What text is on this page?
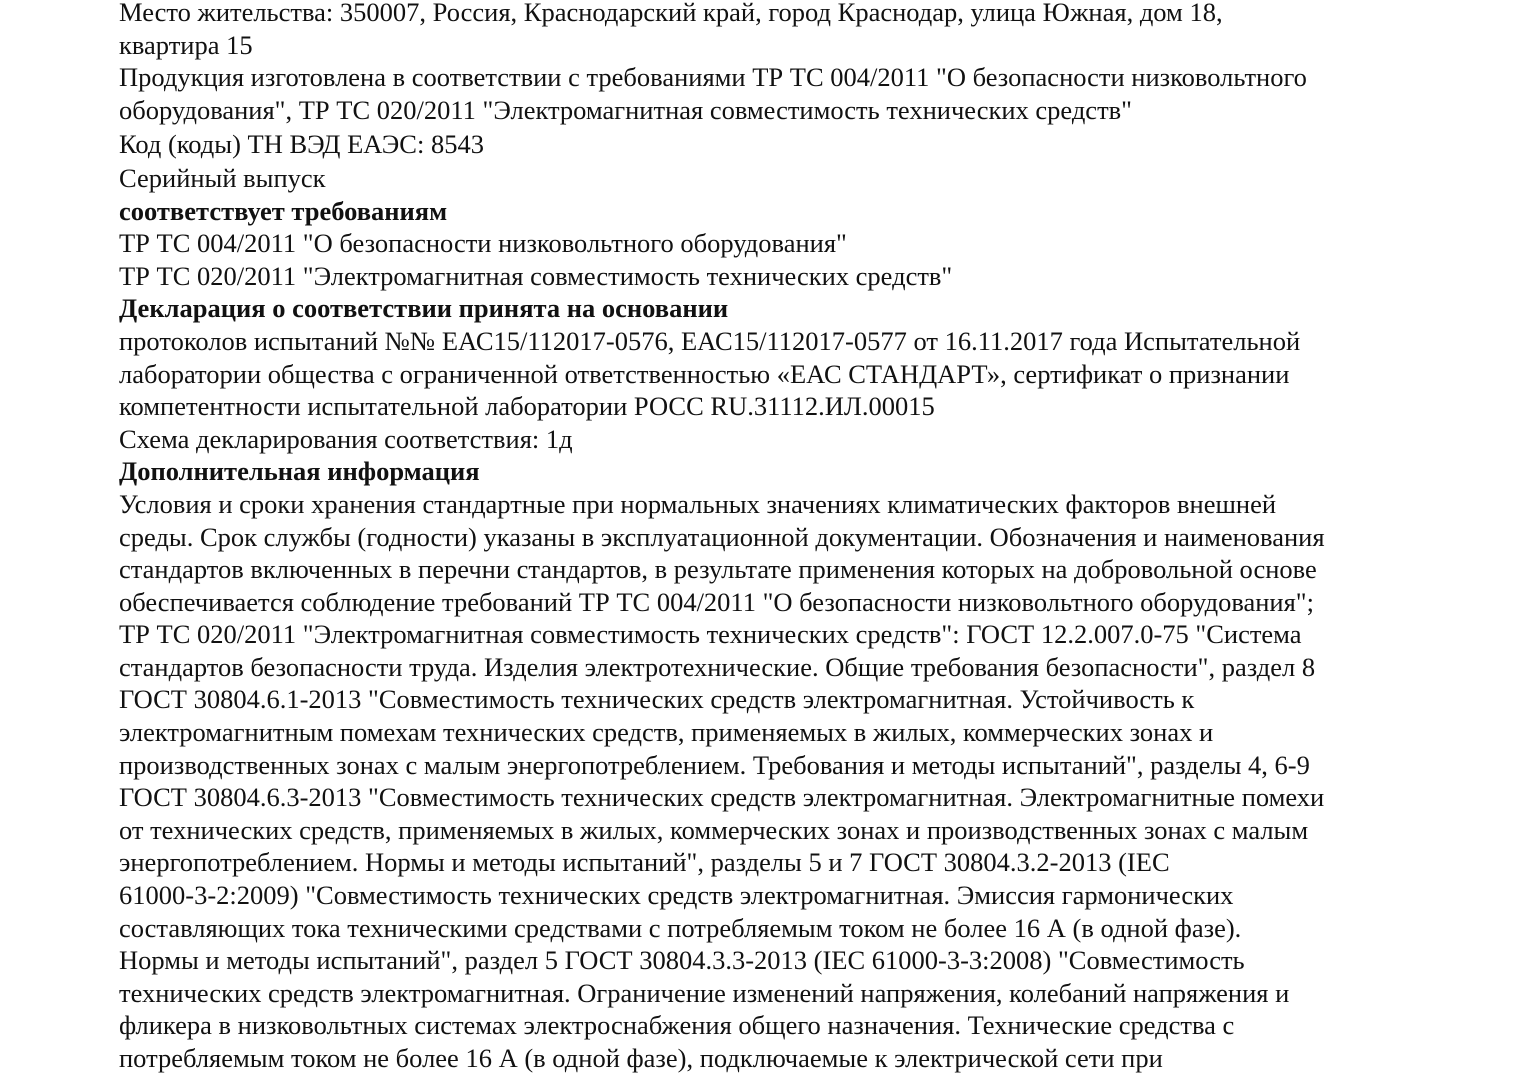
Место жительства: 350007, Россия, Краснодарский край, город Краснодар, улица Южная, дом 18,
квартира 15
Продукция изготовлена в соответствии с требованиями ТР ТС 004/2011 "О безопасности низковольтного
оборудования", ТР ТС 020/2011 "Электромагнитная совместимость технических средств"
Код (коды) ТН ВЭД ЕАЭС: 8543
Серийный выпуск
соответствует требованиям
ТР ТС 004/2011 "О безопасности низковольтного оборудования"
ТР ТС 020/2011 "Электромагнитная совместимость технических средств"
Декларация о соответствии принята на основании
протоколов испытаний №№ ЕАС15/112017-0576, ЕАС15/112017-0577 от 16.11.2017 года Испытательной
лаборатории общества с ограниченной ответственностью «ЕАС СТАНДАРТ», сертификат о признании
компетентности испытательной лаборатории РОСС RU.31112.ИЛ.00015
Схема декларирования соответствия: 1д
Дополнительная информация
Условия и сроки хранения стандартные при нормальных значениях климатических факторов внешней
среды. Срок службы (годности) указаны в эксплуатационной документации. Обозначения и наименования
стандартов включенных в перечни стандартов, в результате применения которых на добровольной основе
обеспечивается соблюдение требований ТР ТС 004/2011 "О безопасности низковольтного оборудования";
ТР ТС 020/2011 "Электромагнитная совместимость технических средств": ГОСТ 12.2.007.0-75 "Система
стандартов безопасности труда. Изделия электротехнические. Общие требования безопасности", раздел 8
ГОСТ 30804.6.1-2013 "Совместимость технических средств электромагнитная. Устойчивость к
электромагнитным помехам технических средств, применяемых в жилых, коммерческих зонах и
производственных зонах с малым энергопотреблением. Требования и методы испытаний", разделы 4, 6-9
ГОСТ 30804.6.3-2013 "Совместимость технических средств электромагнитная. Электромагнитные помехи
от технических средств, применяемых в жилых, коммерческих зонах и производственных зонах с малым
энергопотреблением. Нормы и методы испытаний", разделы 5 и 7 ГОСТ 30804.3.2-2013 (IEC
61000-3-2:2009) "Совместимость технических средств электромагнитная. Эмиссия гармонических
составляющих тока техническими средствами с потребляемым током не более 16 А (в одной фазе).
Нормы и методы испытаний", раздел 5 ГОСТ 30804.3.3-2013 (IEC 61000-3-3:2008) "Совместимость
технических средств электромагнитная. Ограничение изменений напряжения, колебаний напряжения и
фликера в низковольтных системах электроснабжения общего назначения. Технические средства с
потребляемым током не более 16 А (в одной фазе), подключаемые к электрической сети при
